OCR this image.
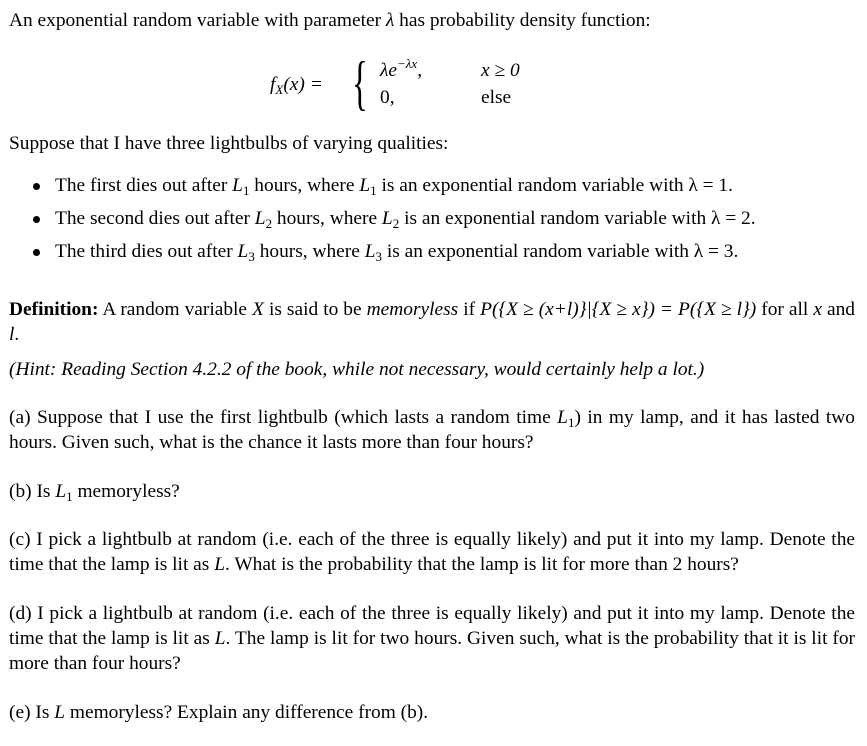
An exponential random variable with parameter λ has probability density function:

$f_X(x)$ = { $\lambda e^{-\lambda x}$,	x ≥ 0
0,	else

Suppose that I have three lightbulbs of varying qualities:

The first dies out after $L_1$ hours, where $L_1$ is an exponential random variable with λ = 1.
The second dies out after $L_2$ hours, where $L_2$ is an exponential random variable with λ = 2.
The third dies out after $L_3$ hours, where $L_3$ is an exponential random variable with λ = 3.

Definition: A random variable X is said to be memoryless if P({X ≥ (x+l)}|{X ≥ x}) = P({X ≥ l}) for all x and l.

(Hint: Reading Section 4.2.2 of the book, while not necessary, would certainly help a lot.)

(a) Suppose that I use the first lightbulb (which lasts a random time $L_1$) in my lamp, and it has lasted two hours. Given such, what is the chance it lasts more than four hours?

(b) Is $L_1$ memoryless?

(c) I pick a lightbulb at random (i.e. each of the three is equally likely) and put it into my lamp. Denote the time that the lamp is lit as L. What is the probability that the lamp is lit for more than 2 hours?

(d) I pick a lightbulb at random (i.e. each of the three is equally likely) and put it into my lamp. Denote the time that the lamp is lit as L. The lamp is lit for two hours. Given such, what is the probability that it is lit for more than four hours?

(e) Is L memoryless? Explain any difference from (b).
